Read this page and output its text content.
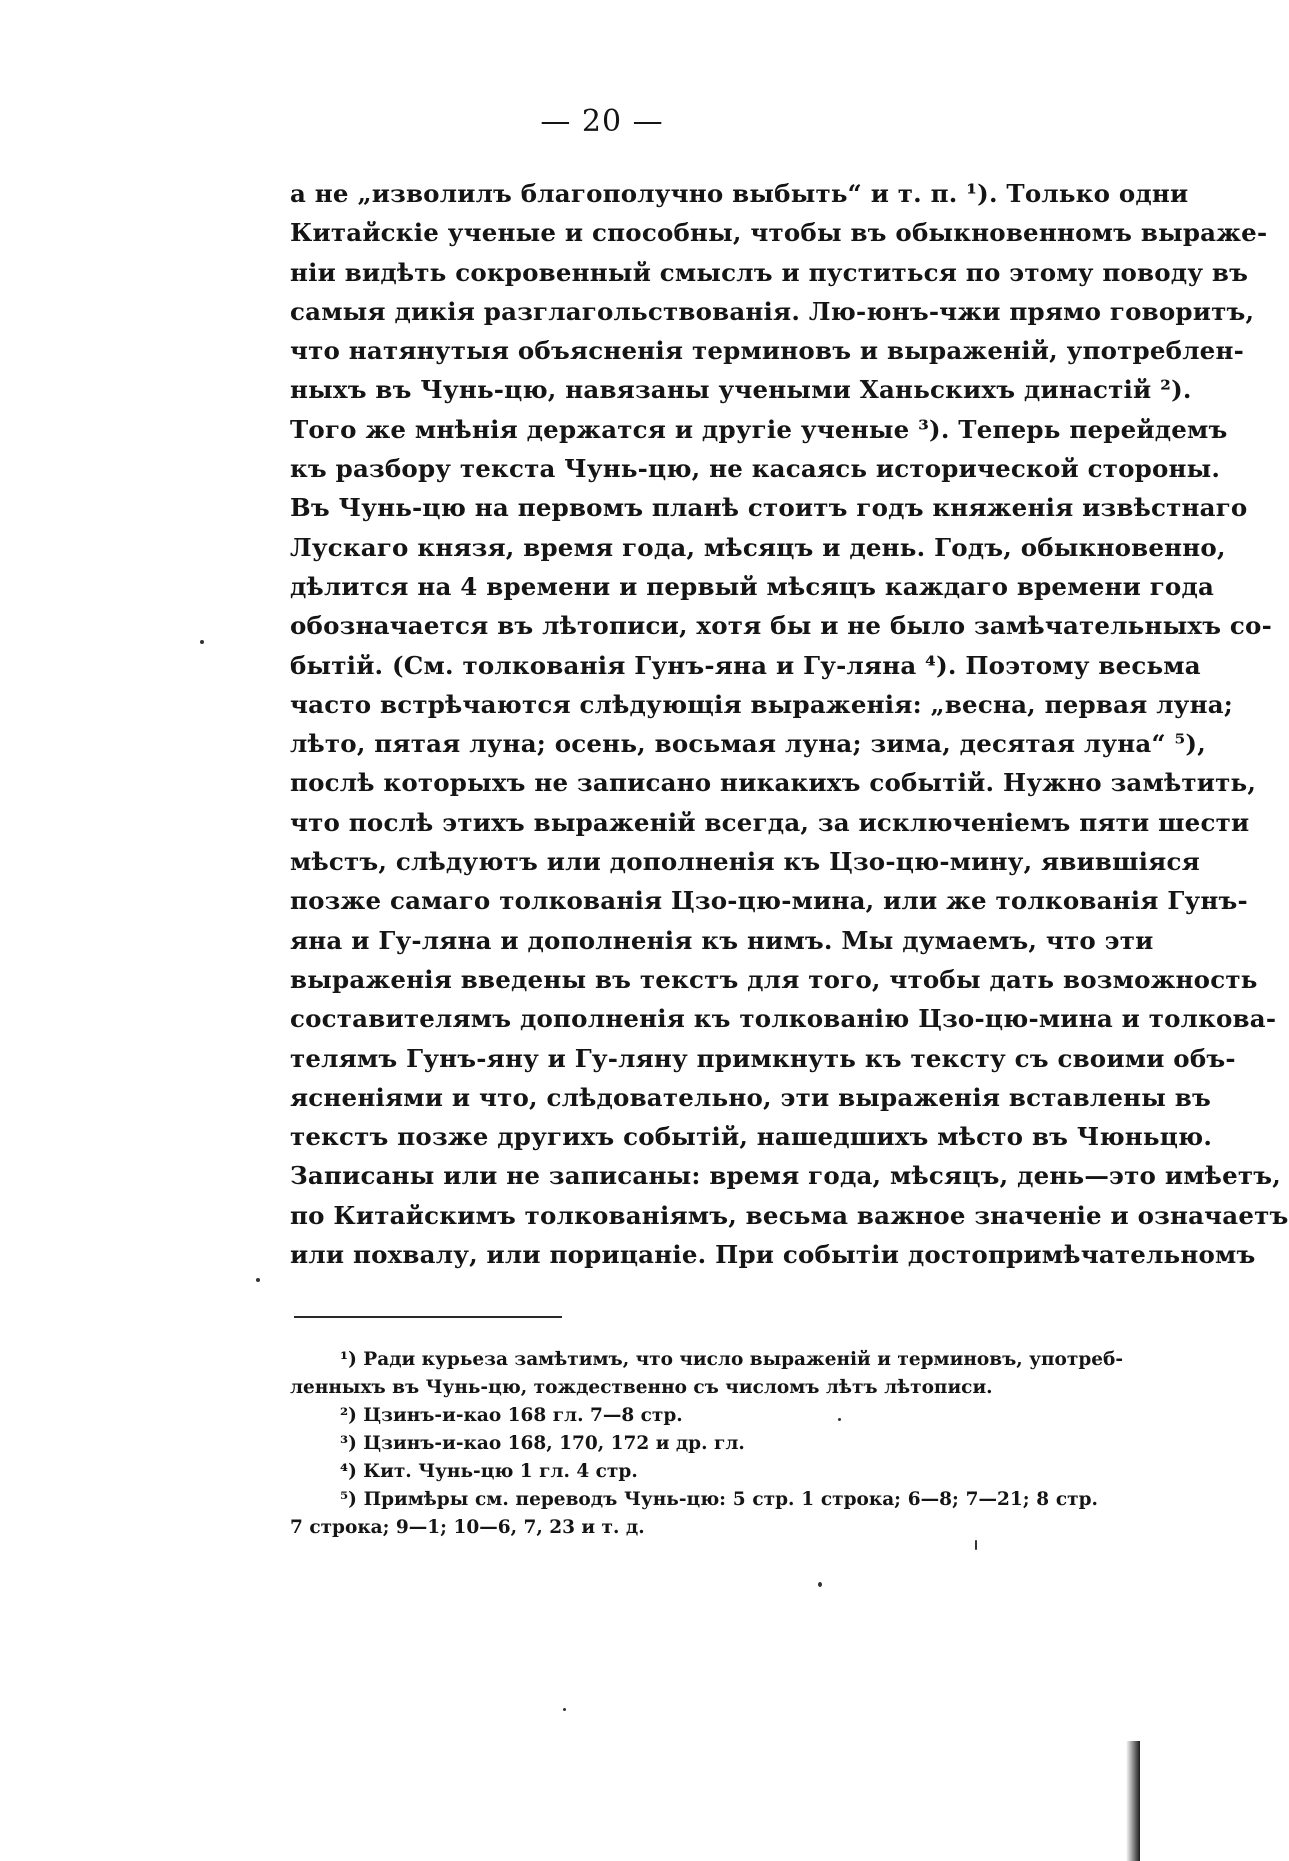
— 20 —
а не „изволилъ благополучно выбыть“ и т. п. ¹). Только одни
Китайскіе ученые и способны, чтобы въ обыкновенномъ выраже-
ніи видѣть сокровенный смыслъ и пуститься по этому поводу въ
самыя дикія разглагольствованія. Лю-юнъ-чжи прямо говоритъ,
что натянутыя объясненія терминовъ и выраженій, употреблен-
ныхъ въ Чунь-цю, навязаны учеными Ханьскихъ династій ²).
Того же мнѣнія держатся и другіе ученые ³). Теперь перейдемъ
къ разбору текста Чунь-цю, не касаясь исторической стороны.
Въ Чунь-цю на первомъ планѣ стоитъ годъ княженія извѣстнаго
Лускаго князя, время года, мѣсяцъ и день. Годъ, обыкновенно,
дѣлится на 4 времени и первый мѣсяцъ каждаго времени года
обозначается въ лѣтописи, хотя бы и не было замѣчательныхъ со-
бытій. (См. толкованія Гунъ-яна и Гу-ляна ⁴). Поэтому весьма
часто встрѣчаются слѣдующія выраженія: „весна, первая луна;
лѣто, пятая луна; осень, восьмая луна; зима, десятая луна“ ⁵),
послѣ которыхъ не записано никакихъ событій. Нужно замѣтить,
что послѣ этихъ выраженій всегда, за исключеніемъ пяти шести
мѣстъ, слѣдуютъ или дополненія къ Цзо-цю-мину, явившіяся
позже самаго толкованія Цзо-цю-мина, или же толкованія Гунъ-
яна и Гу-ляна и дополненія къ нимъ. Мы думаемъ, что эти
выраженія введены въ текстъ для того, чтобы дать возможность
составителямъ дополненія къ толкованію Цзо-цю-мина и толкова-
телямъ Гунъ-яну и Гу-ляну примкнуть къ тексту съ своими объ-
ясненіями и что, слѣдовательно, эти выраженія вставлены въ
текстъ позже другихъ событій, нашедшихъ мѣсто въ Чюньцю.
Записаны или не записаны: время года, мѣсяцъ, день—это имѣетъ,
по Китайскимъ толкованіямъ, весьма важное значеніе и означаетъ
или похвалу, или порицаніе. При событіи достопримѣчательномъ
¹) Ради курьеза замѣтимъ, что число выраженій и терминовъ, употреб-
ленныхъ въ Чунь-цю, тождественно съ числомъ лѣтъ лѣтописи.
²) Цзинъ-и-као 168 гл. 7—8 стр.
³) Цзинъ-и-као 168, 170, 172 и др. гл.
⁴) Кит. Чунь-цю 1 гл. 4 стр.
⁵) Примѣры см. переводъ Чунь-цю: 5 стр. 1 строка; 6—8; 7—21; 8 стр.
7 строка; 9—1; 10—6, 7, 23 и т. д.
